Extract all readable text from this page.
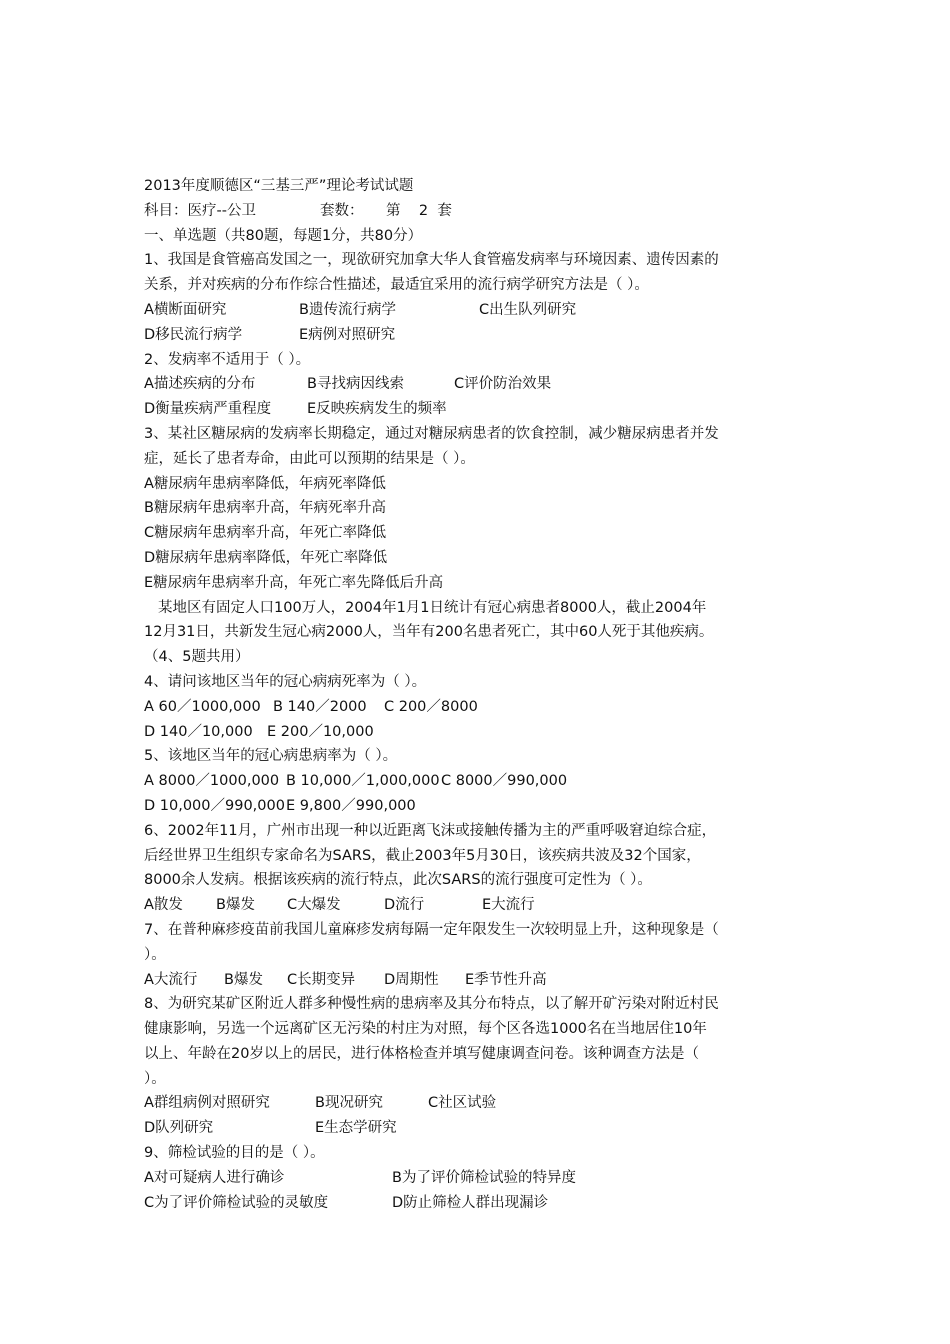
2013年度顺德区“三基三严”理论考试试题
科目：医疗--公卫	套数： 第    2  套
一、单选题（共80题，每题1分，共80分）
1、我国是食管癌高发国之一，现欲研究加拿大华人食管癌发病率与环境因素、遗传因素的
关系，并对疾病的分布作综合性描述，最适宜采用的流行病学研究方法是（ ）。
A横断面研究	B遗传流行病学	C出生队列研究
D移民流行病学	E病例对照研究
2、发病率不适用于（ ）。
A描述疾病的分布	B寻找病因线索	C评价防治效果
D衡量疾病严重程度 E反映疾病发生的频率
3、某社区糖尿病的发病率长期稳定，通过对糖尿病患者的饮食控制，减少糖尿病患者并发
症，延长了患者寿命，由此可以预期的结果是（ ）。
A糖尿病年患病率降低，年病死率降低
B糖尿病年患病率升高，年病死率升高
C糖尿病年患病率升高，年死亡率降低
D糖尿病年患病率降低，年死亡率降低
E糖尿病年患病率升高，年死亡率先降低后升高
某地区有固定人口100万人，2004年1月1日统计有冠心病患者8000人，截止2004年
12月31日，共新发生冠心病2000人，当年有200名患者死亡，其中60人死于其他疾病。
（4、5题共用）
4、请问该地区当年的冠心病病死率为（ ）。
A 60／1000,000 B 140／2000 C 200／8000
D 140／10,000 E 200／10,000
5、该地区当年的冠心病患病率为（ ）。
A 8000／1000,000 B 10,000／1,000,000C 8000／990,000
D 10,000／990,000E 9,800／990,000
6、2002年11月，广州市出现一种以近距离飞沫或接触传播为主的严重呼吸窘迫综合症，
后经世界卫生组织专家命名为SARS，截止2003年5月30日，该疾病共波及32个国家，
8000余人发病。根据该疾病的流行特点，此次SARS的流行强度可定性为（ ）。
A散发 B爆发 C大爆发	D流行	E大流行
7、在普种麻疹疫苗前我国儿童麻疹发病每隔一定年限发生一次较明显上升，这种现象是（
）。
A大流行 B爆发 C长期变异 D周期性 E季节性升高
8、为研究某矿区附近人群多种慢性病的患病率及其分布特点，以了解开矿污染对附近村民
健康影响，另选一个远离矿区无污染的村庄为对照，每个区各选1000名在当地居住10年
以上、年龄在20岁以上的居民，进行体格检查并填写健康调查问卷。该种调查方法是（
）。
A群组病例对照研究	B现况研究	C社区试验
D队列研究	E生态学研究
9、筛检试验的目的是（ ）。
A对可疑病人进行确诊	B为了评价筛检试验的特异度
C为了评价筛检试验的灵敏度	D防止筛检人群出现漏诊
